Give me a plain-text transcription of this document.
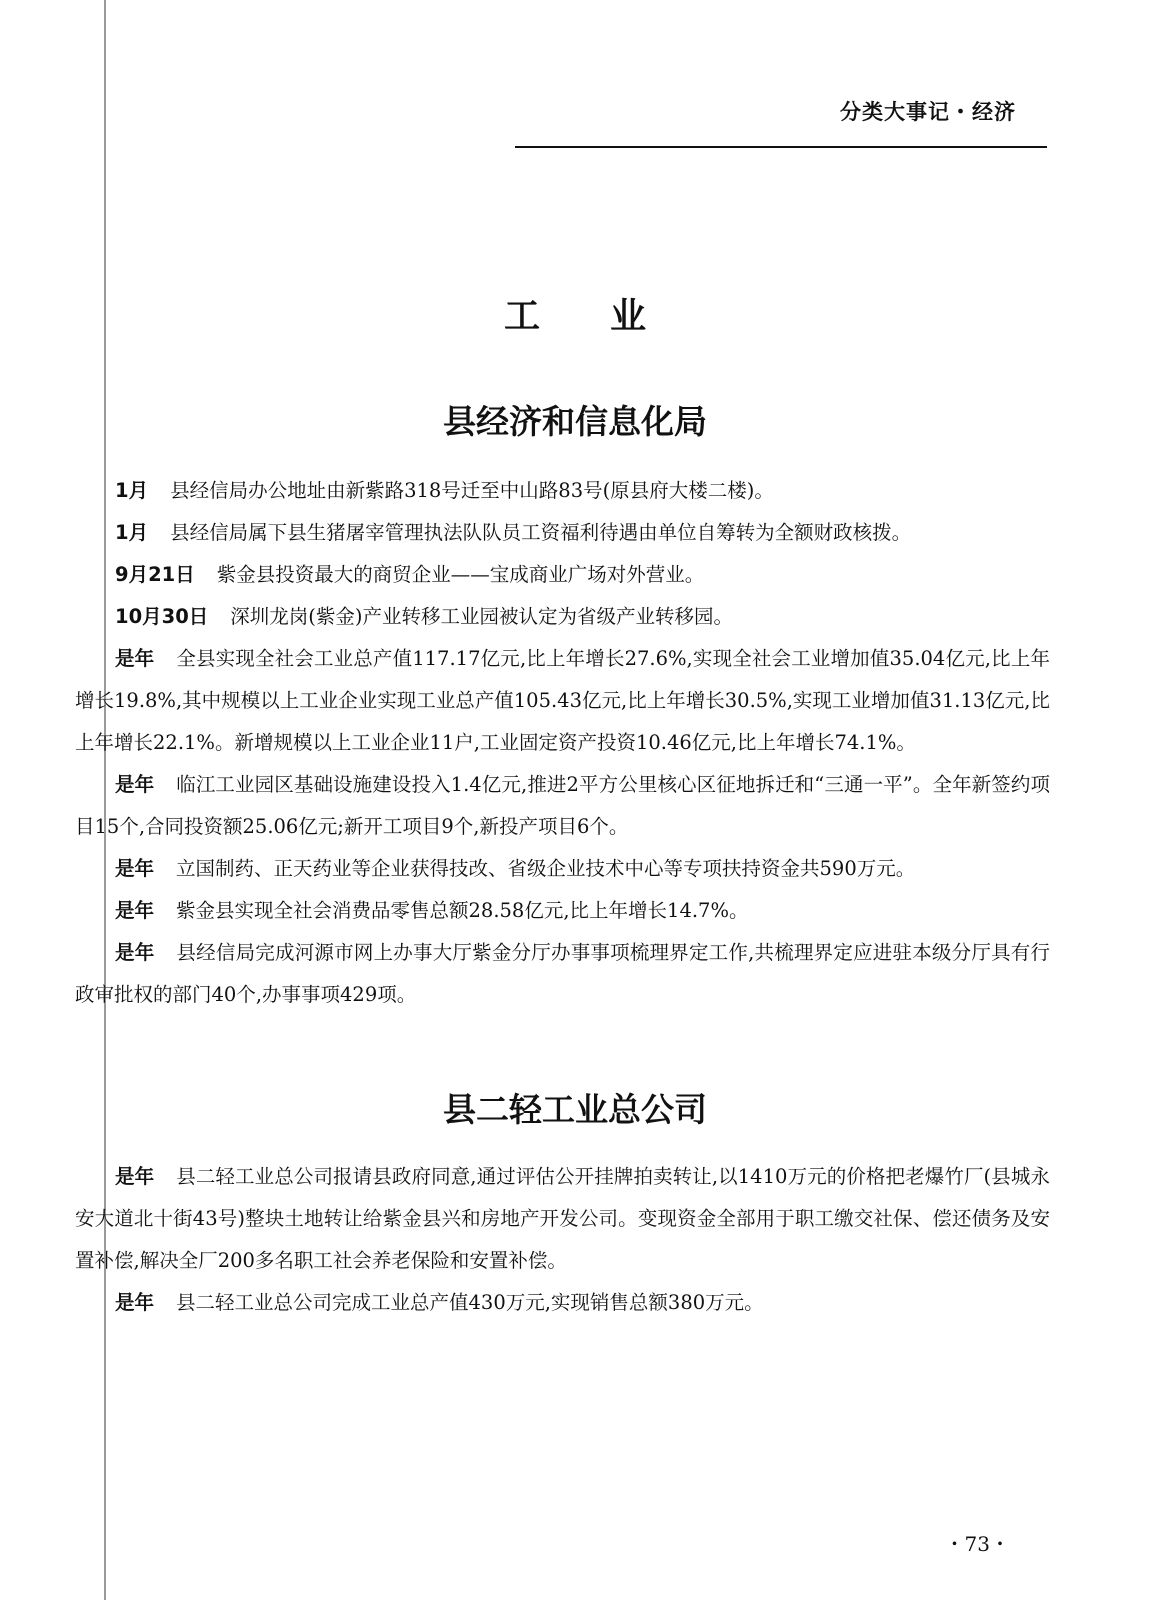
分类大事记・经济
工业
县经济和信息化局

1月 县经信局办公地址由新紫路318号迁至中山路83号(原县府大楼二楼)。

1月 县经信局属下县生猪屠宰管理执法队队员工资福利待遇由单位自筹转为全额财政核拨。

9月21日 紫金县投资最大的商贸企业——宝成商业广场对外营业。

10月30日 深圳龙岗(紫金)产业转移工业园被认定为省级产业转移园。

是年 全县实现全社会工业总产值117.17亿元,比上年增长27.6%,实现全社会工业增加值35.04亿元,比上年增长19.8%,其中规模以上工业企业实现工业总产值105.43亿元,比上年增长30.5%,实现工业增加值31.13亿元,比上年增长22.1%。新增规模以上工业企业11户,工业固定资产投资10.46亿元,比上年增长74.1%。

是年 临江工业园区基础设施建设投入1.4亿元,推进2平方公里核心区征地拆迁和“三通一平”。全年新签约项目15个,合同投资额25.06亿元;新开工项目9个,新投产项目6个。

是年 立国制药、正天药业等企业获得技改、省级企业技术中心等专项扶持资金共590万元。

是年 紫金县实现全社会消费品零售总额28.58亿元,比上年增长14.7%。

是年 县经信局完成河源市网上办事大厅紫金分厅办事事项梳理界定工作,共梳理界定应进驻本级分厅具有行政审批权的部门40个,办事事项429项。

县二轻工业总公司

是年 县二轻工业总公司报请县政府同意,通过评估公开挂牌拍卖转让,以1410万元的价格把老爆竹厂(县城永安大道北十街43号)整块土地转让给紫金县兴和房地产开发公司。变现资金全部用于职工缴交社保、偿还债务及安置补偿,解决全厂200多名职工社会养老保险和安置补偿。

是年 县二轻工业总公司完成工业总产值430万元,实现销售总额380万元。

・73・
